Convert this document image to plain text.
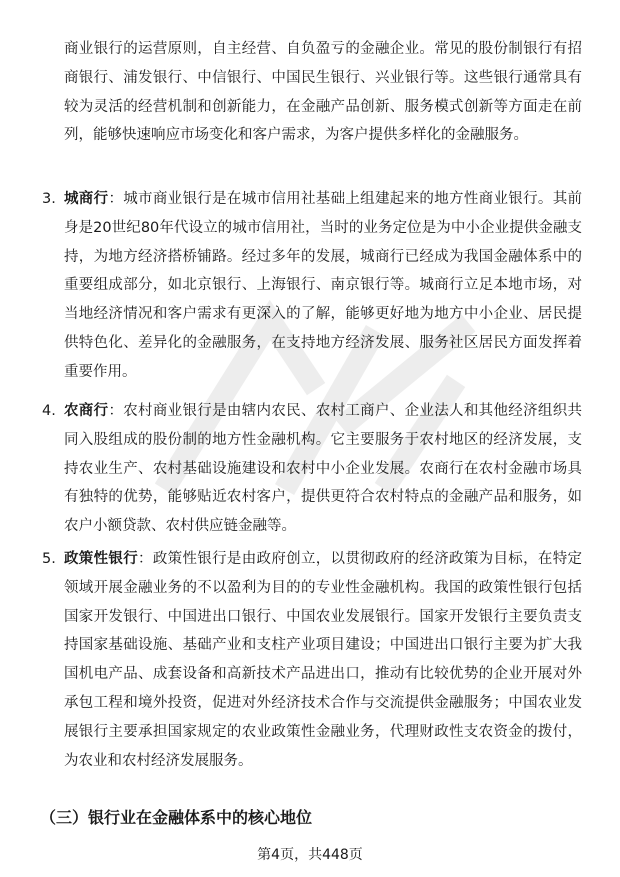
商业银行的运营原则，自主经营、自负盈亏的金融企业。常见的股份制银行有招商银行、浦发银行、中信银行、中国民生银行、兴业银行等。这些银行通常具有较为灵活的经营机制和创新能力，在金融产品创新、服务模式创新等方面走在前列，能够快速响应市场变化和客户需求，为客户提供多样化的金融服务。

3. 城商行：城市商业银行是在城市信用社基础上组建起来的地方性商业银行。其前身是20世纪80年代设立的城市信用社，当时的业务定位是为中小企业提供金融支持，为地方经济搭桥铺路。经过多年的发展，城商行已经成为我国金融体系中的重要组成部分，如北京银行、上海银行、南京银行等。城商行立足本地市场，对当地经济情况和客户需求有更深入的了解，能够更好地为地方中小企业、居民提供特色化、差异化的金融服务，在支持地方经济发展、服务社区居民方面发挥着重要作用。
4. 农商行：农村商业银行是由辖内农民、农村工商户、企业法人和其他经济组织共同入股组成的股份制的地方性金融机构。它主要服务于农村地区的经济发展，支持农业生产、农村基础设施建设和农村中小企业发展。农商行在农村金融市场具有独特的优势，能够贴近农村客户，提供更符合农村特点的金融产品和服务，如农户小额贷款、农村供应链金融等。
5. 政策性银行：政策性银行是由政府创立，以贯彻政府的经济政策为目标，在特定领域开展金融业务的不以盈利为目的的专业性金融机构。我国的政策性银行包括国家开发银行、中国进出口银行、中国农业发展银行。国家开发银行主要负责支持国家基础设施、基础产业和支柱产业项目建设；中国进出口银行主要为扩大我国机电产品、成套设备和高新技术产品进出口，推动有比较优势的企业开展对外承包工程和境外投资，促进对外经济技术合作与交流提供金融服务；中国农业发展银行主要承担国家规定的农业政策性金融业务，代理财政性支农资金的拨付，为农业和农村经济发展服务。
（三）银行业在金融体系中的核心地位
第4页，共448页
